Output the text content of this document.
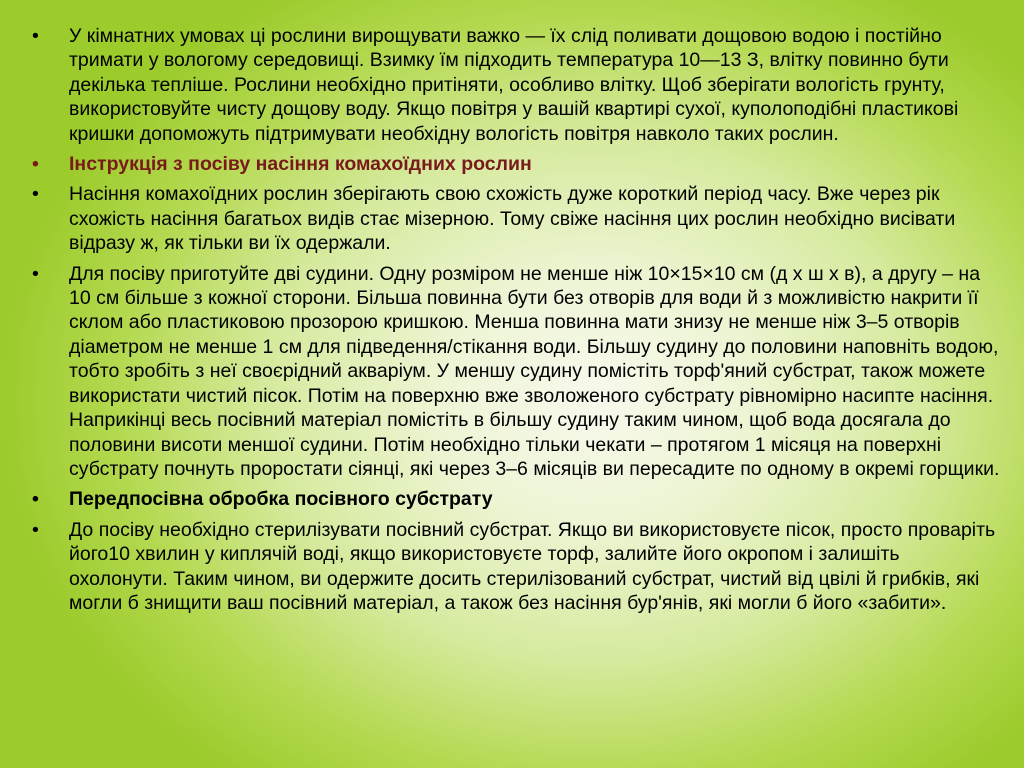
•	У кімнатних умовах ці рослини вирощувати важко — їх слід поливати дощовою водою і постійно тримати у вологому середовищі. Взимку їм підходить температура 10—13 З, влітку повинно бути декілька тепліше. Рослини необхідно притіняти, особливо влітку. Щоб зберігати вологість грунту, використовуйте чисту дощову воду. Якщо повітря у вашій квартирі сухої, куполоподібні пластикові кришки допоможуть підтримувати необхідну вологість повітря навколо таких рослин.
•	Інструкція з посіву насіння комахоїдних рослин
•	Насіння комахоїдних рослин зберігають свою схожість дуже короткий період часу. Вже через рік схожість насіння багатьох видів стає мізерною. Тому свіже насіння цих рослин необхідно висівати відразу ж, як тільки ви їх одержали.
•	Для посіву приготуйте дві судини. Одну розміром не менше ніж 10×15×10 см (д х ш х в), а другу – на 10 см більше з кожної сторони. Більша повинна бути без отворів для води й з можливістю накрити її склом або пластиковою прозорою кришкою. Менша повинна мати знизу не менше ніж 3–5 отворів діаметром не менше 1 см для підведення/стікання води. Більшу судину до половини наповніть водою, тобто зробіть з неї своєрідний акваріум. У меншу судину помістіть торф'яний субстрат, також можете використати чистий пісок. Потім на поверхню вже зволоженого субстрату рівномірно насипте насіння. Наприкінці весь посівний матеріал помістіть в більшу судину таким чином, щоб вода досягала до половини висоти меншої судини. Потім необхідно тільки чекати – протягом 1 місяця на поверхні субстрату почнуть проростати сіянці, які через 3–6 місяців ви пересадите по одному в окремі горщики.
•	Передпосівна обробка посівного субстрату
•	До посіву необхідно стерилізувати посівний субстрат. Якщо ви використовуєте пісок, просто проваріть його10 хвилин у киплячій воді, якщо використовуєте торф, залийте його окропом і залишіть охолонути. Таким чином, ви одержите досить стерилізований субстрат, чистий від цвілі й грибків, які могли б знищити ваш посівний матеріал, а також без насіння бур'янів, які могли б його «забити».
